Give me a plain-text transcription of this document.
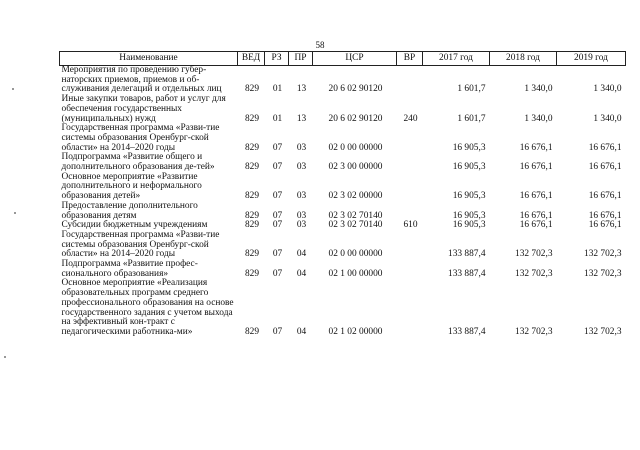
58
Наименование	ВЕД	РЗ	ПР	ЦСР	ВР	2017 год	2018 год	2019 год
Мероприятия по проведению губер-наторских приемов, приемов и об-служивания делегаций и отдельных лиц	829	01	13	20 6 02 90120		1 601,7	1 340,0	1 340,0
Иные закупки товаров, работ и услуг для обеспечения государственных (муниципальных) нужд	829	01	13	20 6 02 90120	240	1 601,7	1 340,0	1 340,0
Государственная программа «Разви-тие системы образования Оренбург-ской области» на 2014–2020 годы	829	07	03	02 0 00 00000		16 905,3	16 676,1	16 676,1
Подпрограмма «Развитие общего и дополнительного образования де-тей»	829	07	03	02 3 00 00000		16 905,3	16 676,1	16 676,1
Основное мероприятие «Развитие дополнительного и неформального образования детей»	829	07	03	02 3 02 00000		16 905,3	16 676,1	16 676,1
Предоставление дополнительного образования детям	829	07	03	02 3 02 70140		16 905,3	16 676,1	16 676,1
Субсидии бюджетным учреждениям	829	07	03	02 3 02 70140	610	16 905,3	16 676,1	16 676,1
Государственная программа «Разви-тие системы образования Оренбург-ской области» на 2014–2020 годы	829	07	04	02 0 00 00000		133 887,4	132 702,3	132 702,3
Подпрограмма «Развитие профес-сионального образования»	829	07	04	02 1 00 00000		133 887,4	132 702,3	132 702,3
Основное мероприятие «Реализация образовательных программ среднего профессионального образования на основе государственного задания с учетом выхода на эффективный кон-тракт с педагогическими работника-ми»	829	07	04	02 1 02 00000		133 887,4	132 702,3	132 702,3
